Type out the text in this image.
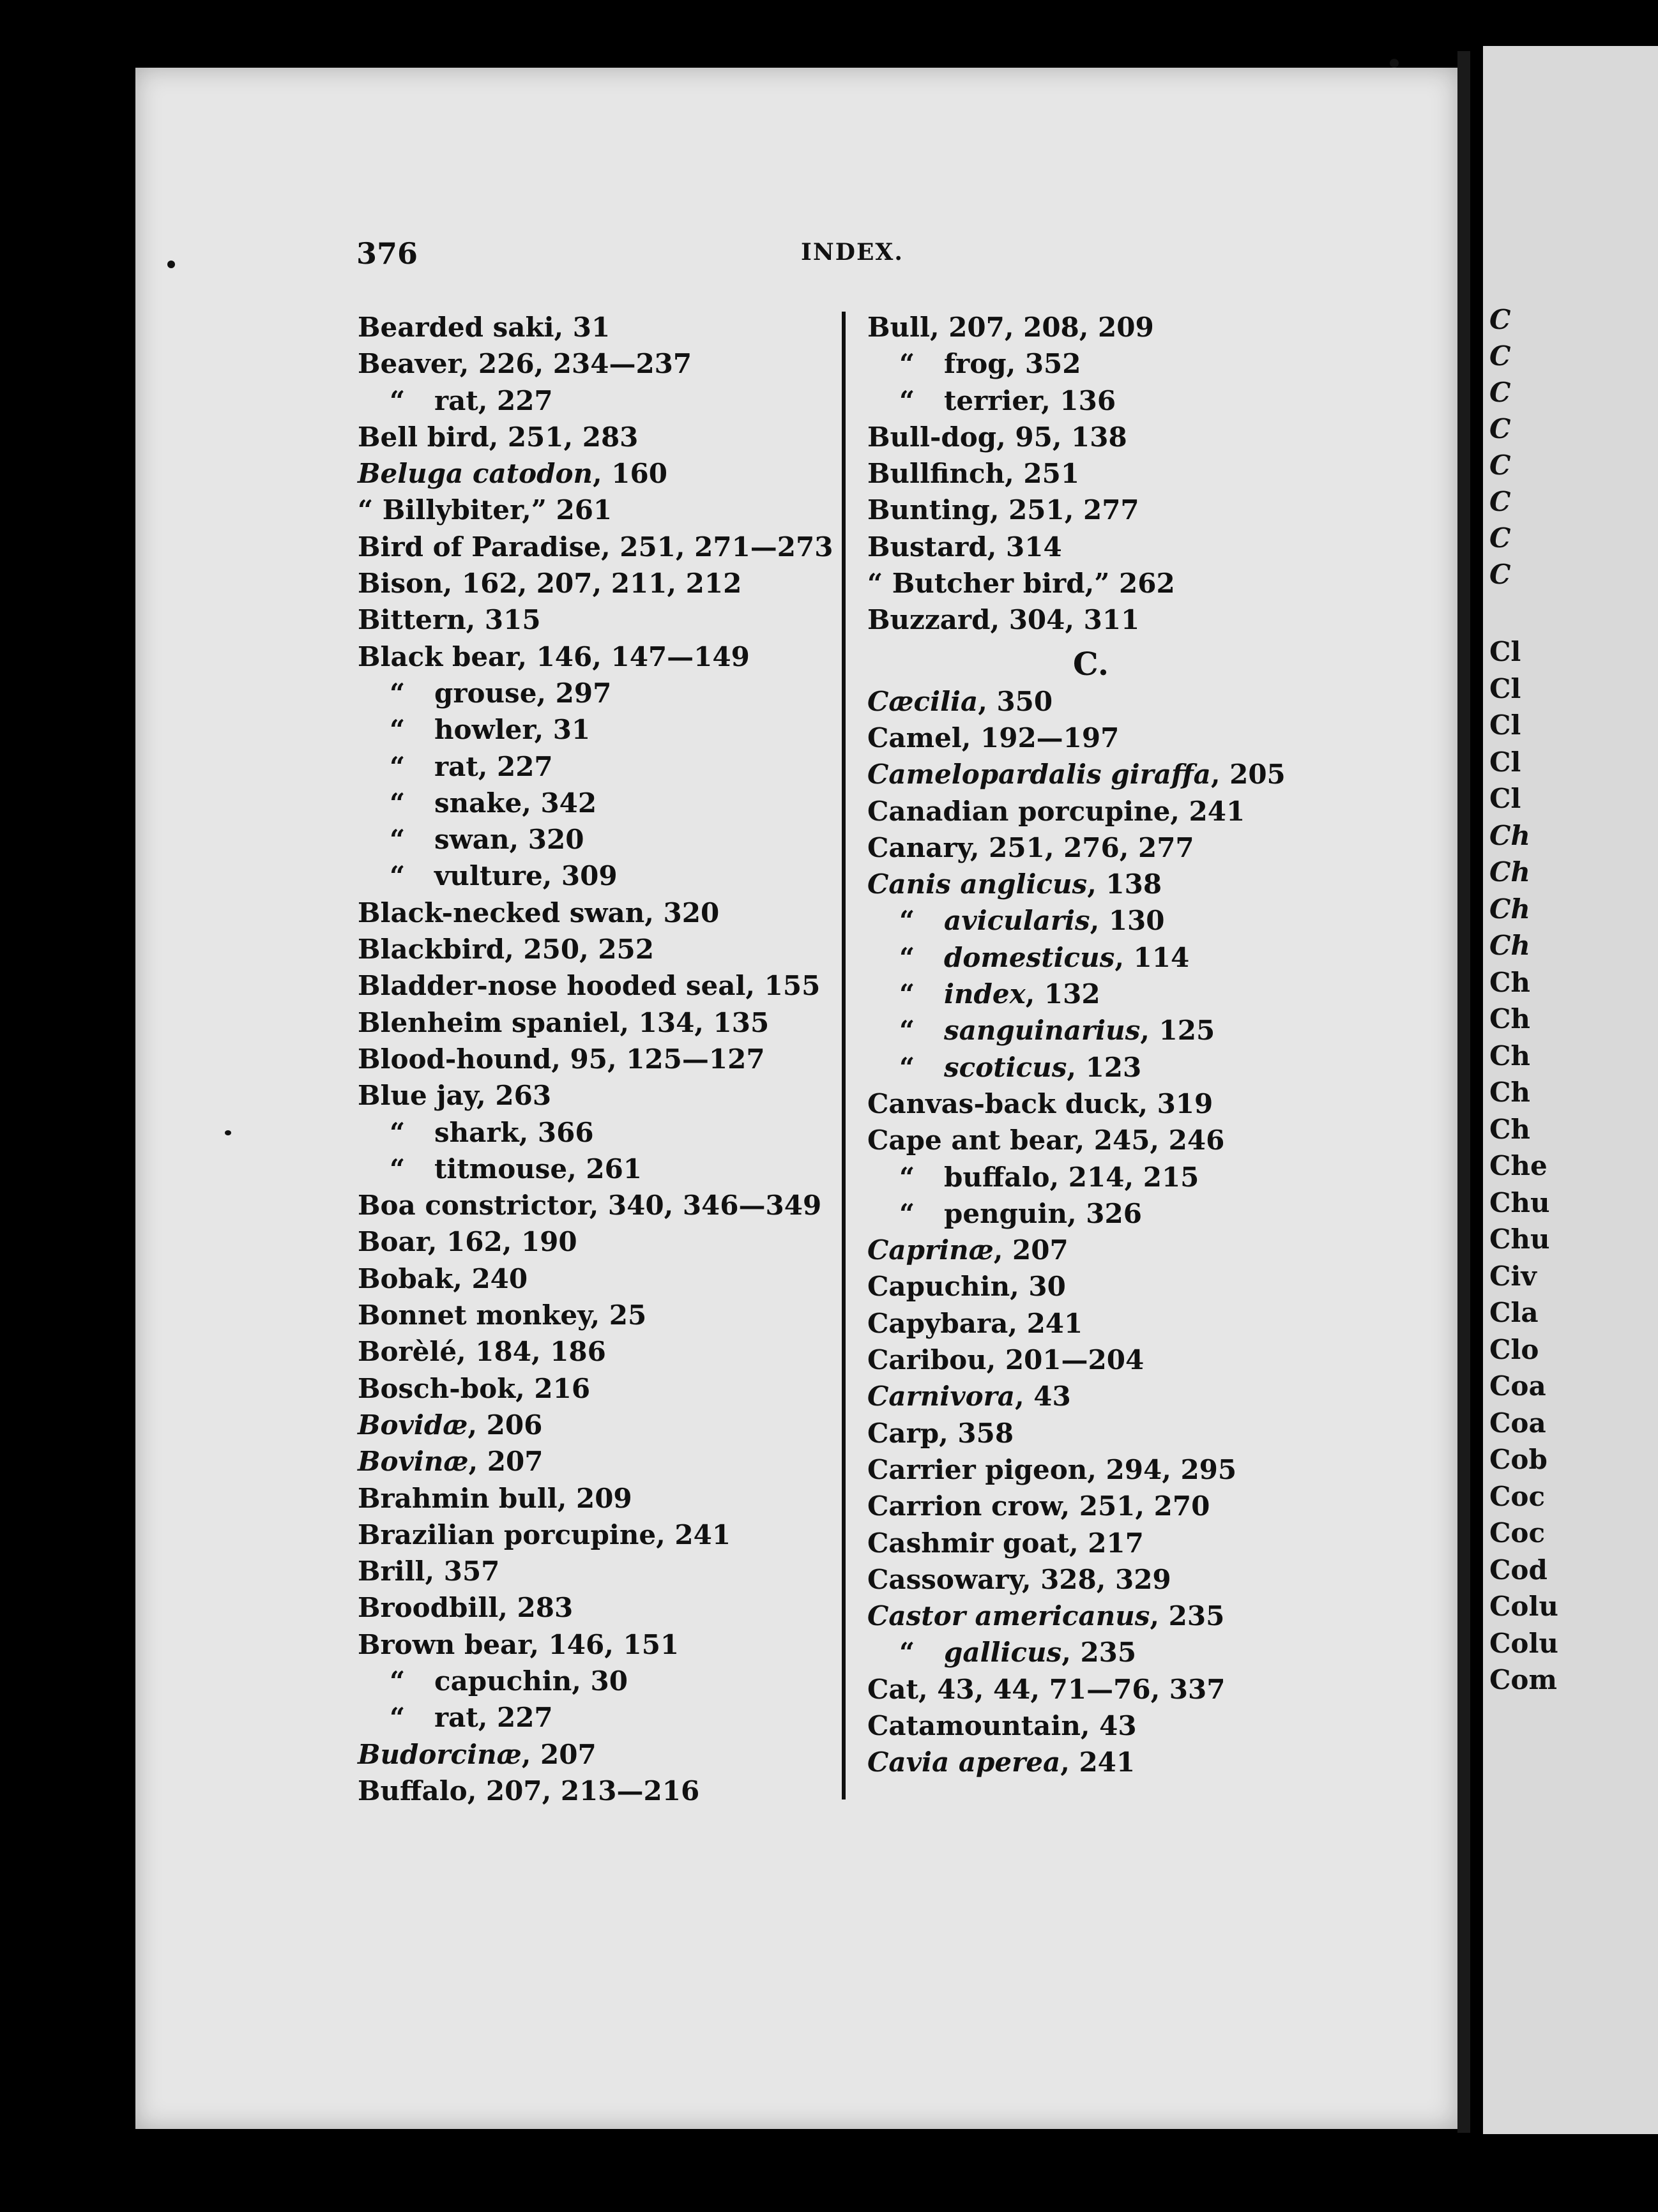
C
C
C
C
C
C
C
C
Cl
Cl
Cl
Cl
Cl
Ch
Ch
Ch
Ch
Ch
Ch
Ch
Ch
Ch
Che
Chu
Chu
Civ
Cla
Clo
Coa
Coa
Cob
Coc
Coc
Cod
Colu
Colu
Com
376	INDEX.
Bearded saki, 31
Beaver, 226, 234—237
“ rat, 227
Bell bird, 251, 283
Beluga catodon, 160
“ Billybiter,” 261
Bird of Paradise, 251, 271—273
Bison, 162, 207, 211, 212
Bittern, 315
Black bear, 146, 147—149
“ grouse, 297
“ howler, 31
“ rat, 227
“ snake, 342
“ swan, 320
“ vulture, 309
Black-necked swan, 320
Blackbird, 250, 252
Bladder-nose hooded seal, 155
Blenheim spaniel, 134, 135
Blood-hound, 95, 125—127
Blue jay, 263
“ shark, 366
“ titmouse, 261
Boa constrictor, 340, 346—349
Boar, 162, 190
Bobak, 240
Bonnet monkey, 25
Borèlé, 184, 186
Bosch-bok, 216
Bovidæ, 206
Bovinæ, 207
Brahmin bull, 209
Brazilian porcupine, 241
Brill, 357
Broodbill, 283
Brown bear, 146, 151
“ capuchin, 30
“ rat, 227
Budorcinæ, 207
Buffalo, 207, 213—216
Bull, 207, 208, 209
“ frog, 352
“ terrier, 136
Bull-dog, 95, 138
Bullfinch, 251
Bunting, 251, 277
Bustard, 314
“ Butcher bird,” 262
Buzzard, 304, 311
C.
Cæcilia, 350
Camel, 192—197
Camelopardalis giraffa, 205
Canadian porcupine, 241
Canary, 251, 276, 277
Canis anglicus, 138
“ avicularis, 130
“ domesticus, 114
“ index, 132
“ sanguinarius, 125
“ scoticus, 123
Canvas-back duck, 319
Cape ant bear, 245, 246
“ buffalo, 214, 215
“ penguin, 326
Caprinæ, 207
Capuchin, 30
Capybara, 241
Caribou, 201—204
Carnivora, 43
Carp, 358
Carrier pigeon, 294, 295
Carrion crow, 251, 270
Cashmir goat, 217
Cassowary, 328, 329
Castor americanus, 235
“ gallicus, 235
Cat, 43, 44, 71—76, 337
Catamountain, 43
Cavia aperea, 241
